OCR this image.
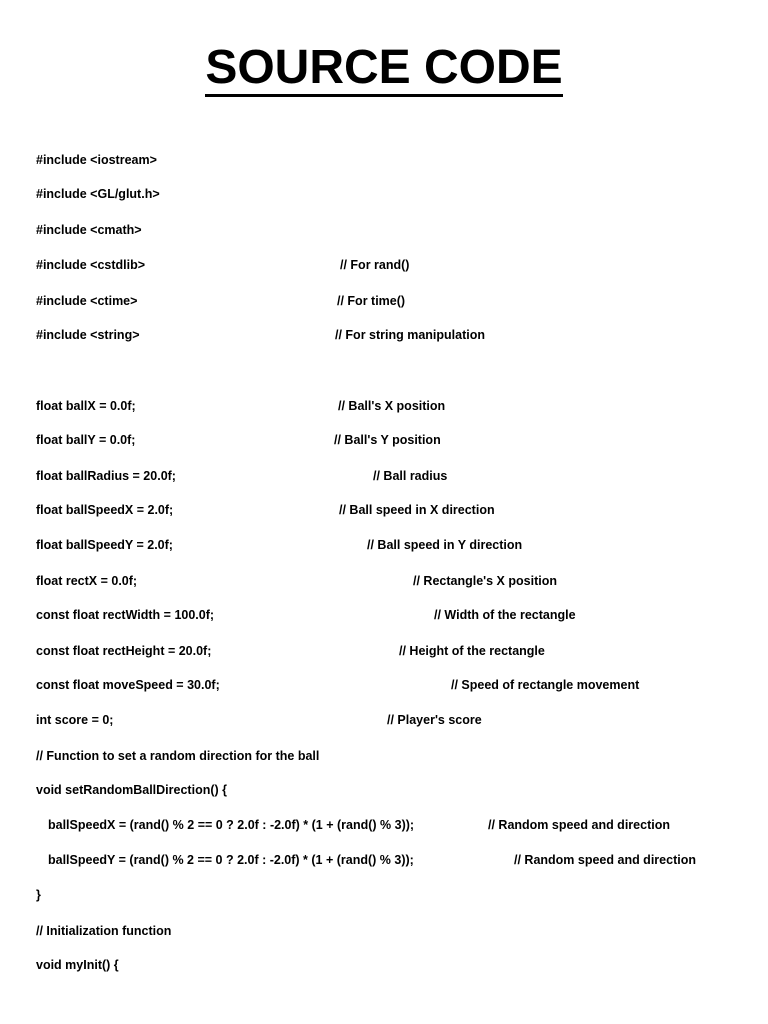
SOURCE CODE
#include <iostream>
#include <GL/glut.h>
#include <cmath>
#include <cstdlib>	// For rand()
#include <ctime>	// For time()
#include <string>	// For string manipulation
float ballX = 0.0f;	// Ball's X position
float ballY = 0.0f;	// Ball's Y position
float ballRadius = 20.0f;	// Ball radius
float ballSpeedX = 2.0f;	// Ball speed in X direction
float ballSpeedY = 2.0f;	// Ball speed in Y direction
float rectX = 0.0f;	// Rectangle's X position
const float rectWidth = 100.0f;	// Width of the rectangle
const float rectHeight = 20.0f;	// Height of the rectangle
const float moveSpeed = 30.0f;	// Speed of rectangle movement
int score = 0;	// Player's score
// Function to set a random direction for the ball
void setRandomBallDirection() {
ballSpeedX = (rand() % 2 == 0 ? 2.0f : -2.0f) * (1 + (rand() % 3));	// Random speed and direction
ballSpeedY = (rand() % 2 == 0 ? 2.0f : -2.0f) * (1 + (rand() % 3));	// Random speed and direction
}
// Initialization function
void myInit() {
